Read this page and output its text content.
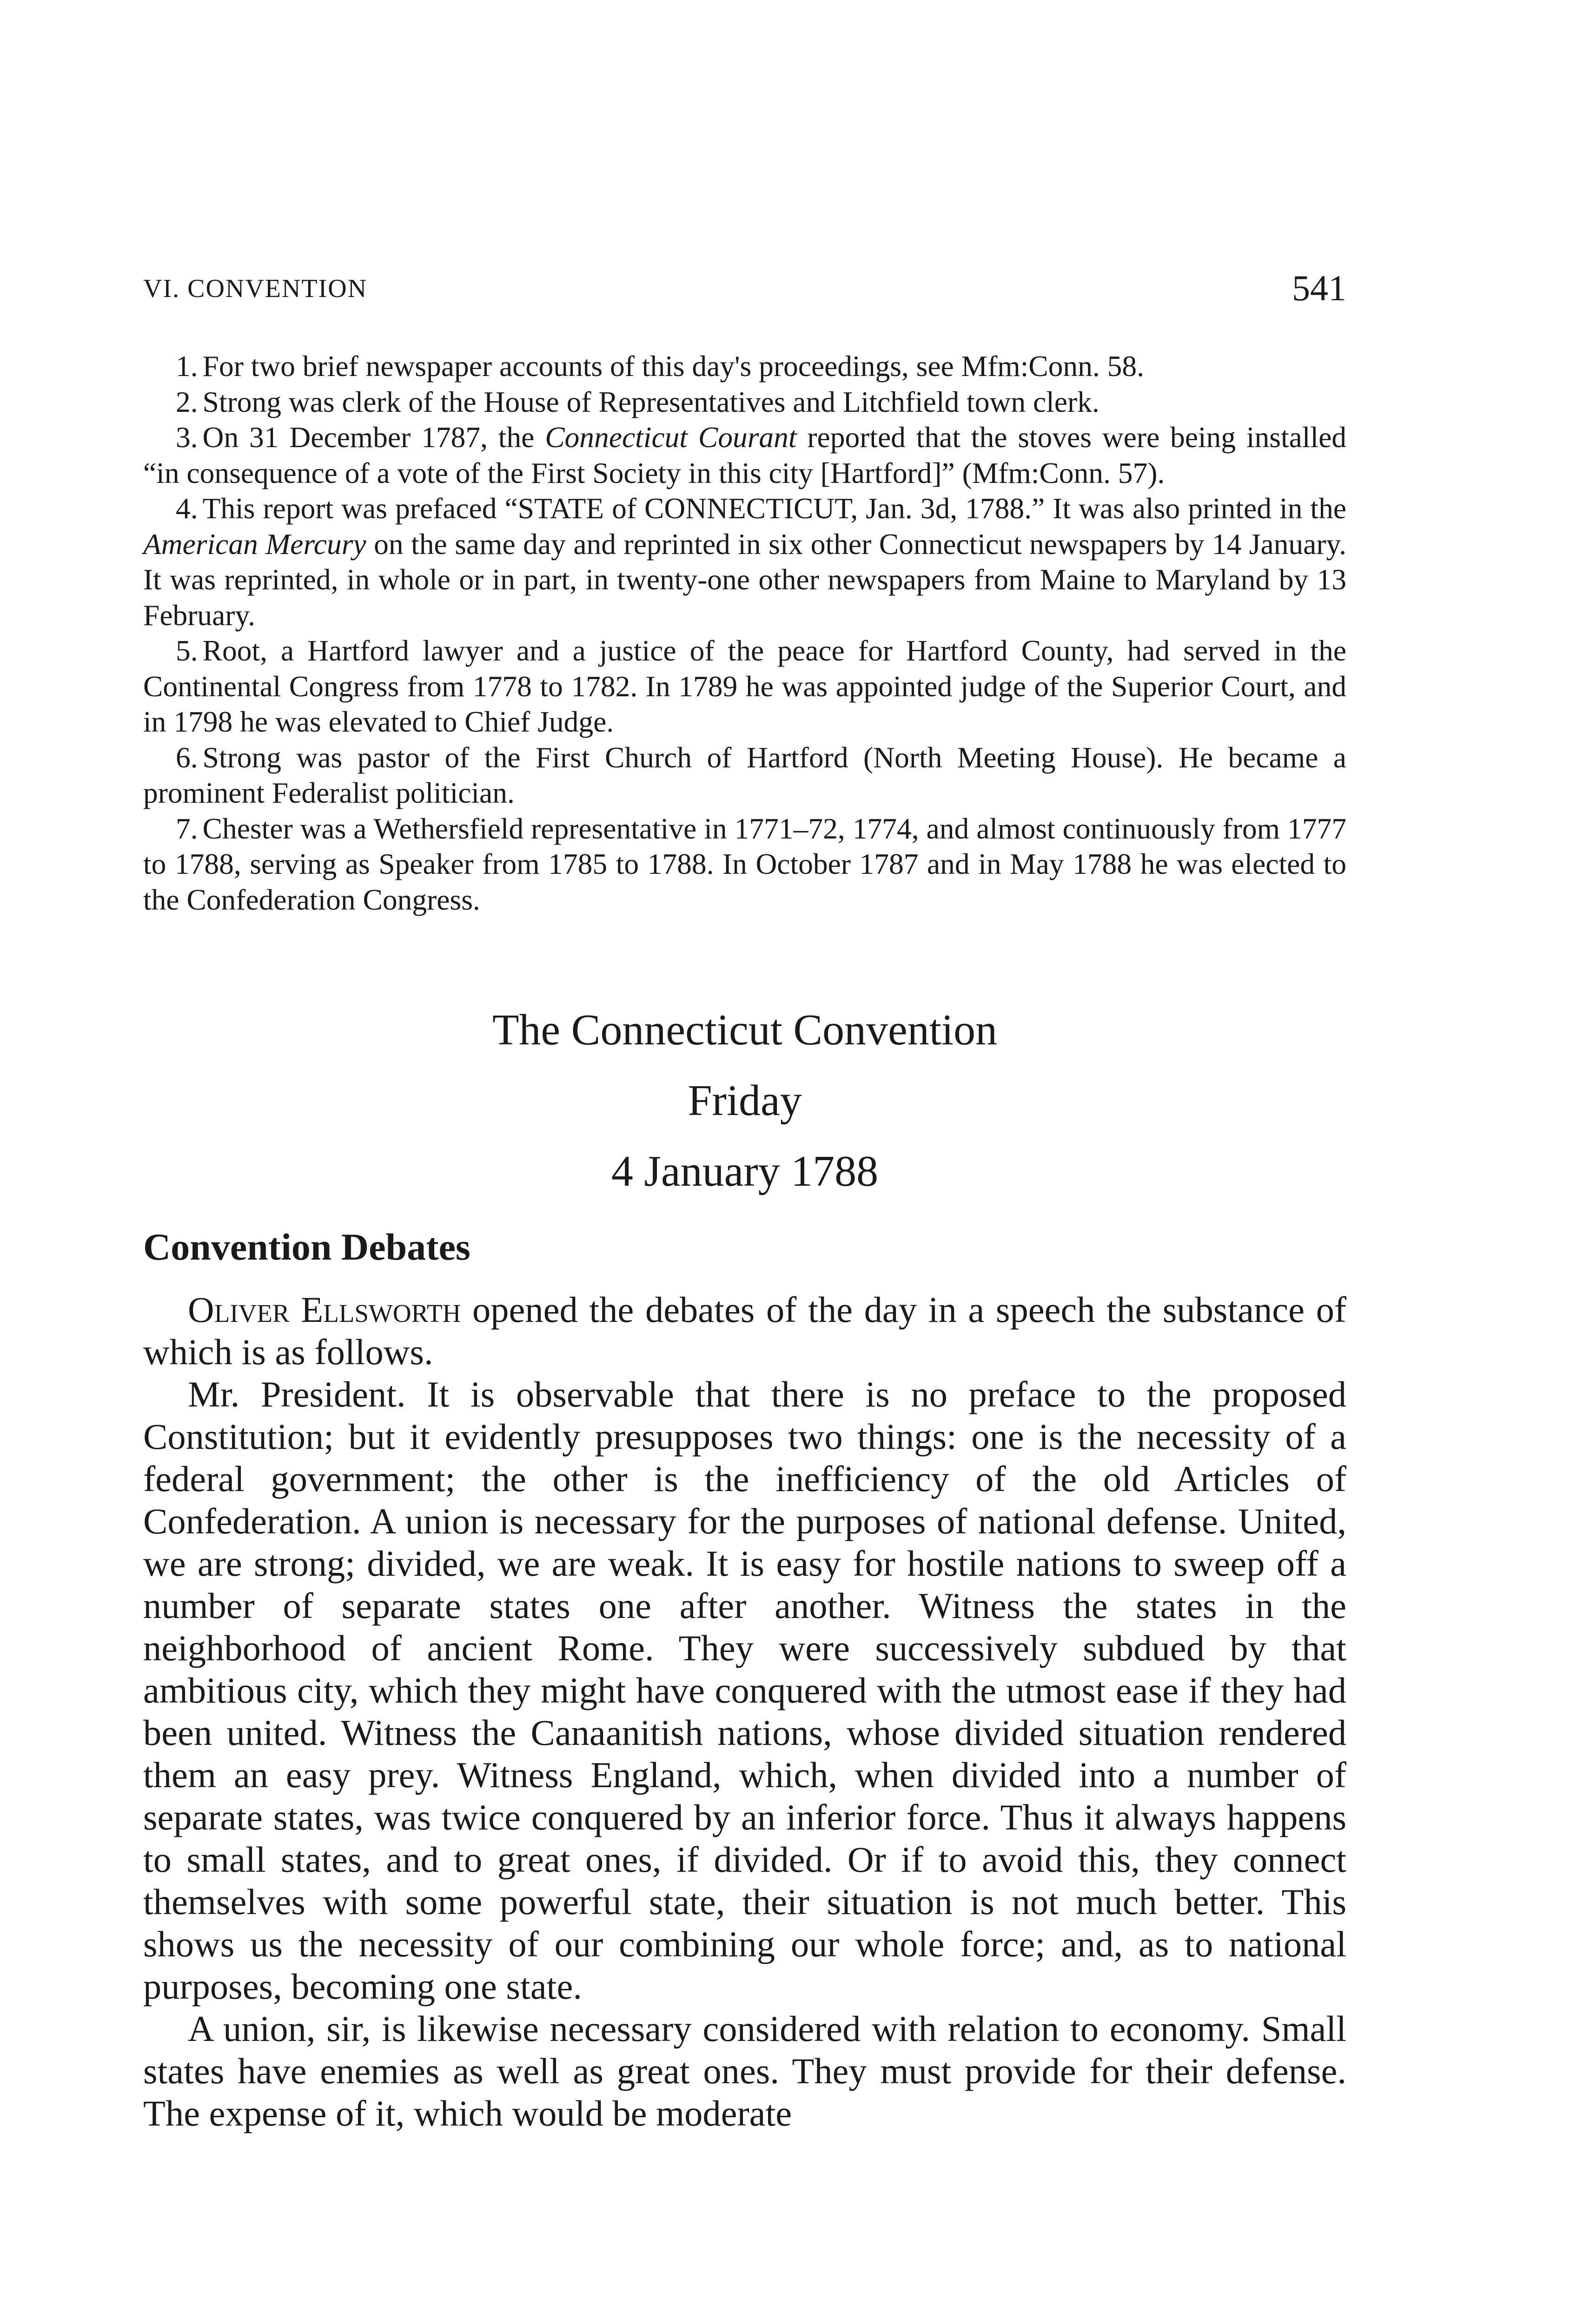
VI. CONVENTION	541

1. For two brief newspaper accounts of this day's proceedings, see Mfm:Conn. 58.

2. Strong was clerk of the House of Representatives and Litchfield town clerk.

3. On 31 December 1787, the Connecticut Courant reported that the stoves were being installed “in consequence of a vote of the First Society in this city [Hartford]” (Mfm:Conn. 57).

4. This report was prefaced “STATE of CONNECTICUT, Jan. 3d, 1788.” It was also printed in the American Mercury on the same day and reprinted in six other Connecticut newspapers by 14 January. It was reprinted, in whole or in part, in twenty-one other newspapers from Maine to Maryland by 13 February.

5. Root, a Hartford lawyer and a justice of the peace for Hartford County, had served in the Continental Congress from 1778 to 1782. In 1789 he was appointed judge of the Superior Court, and in 1798 he was elevated to Chief Judge.

6. Strong was pastor of the First Church of Hartford (North Meeting House). He became a prominent Federalist politician.

7. Chester was a Wethersfield representative in 1771–72, 1774, and almost continuously from 1777 to 1788, serving as Speaker from 1785 to 1788. In October 1787 and in May 1788 he was elected to the Confederation Congress.

The Connecticut Convention

Friday

4 January 1788

Convention Debates

Oliver Ellsworth opened the debates of the day in a speech the substance of which is as follows.

Mr. President. It is observable that there is no preface to the proposed Constitution; but it evidently presupposes two things: one is the necessity of a federal government; the other is the inefficiency of the old Articles of Confederation. A union is necessary for the purposes of national defense. United, we are strong; divided, we are weak. It is easy for hostile nations to sweep off a number of separate states one after another. Witness the states in the neighborhood of ancient Rome. They were successively subdued by that ambitious city, which they might have conquered with the utmost ease if they had been united. Witness the Canaanitish nations, whose divided situation rendered them an easy prey. Witness England, which, when divided into a number of separate states, was twice conquered by an inferior force. Thus it always happens to small states, and to great ones, if divided. Or if to avoid this, they connect themselves with some powerful state, their situation is not much better. This shows us the necessity of our combining our whole force; and, as to national purposes, becoming one state.

A union, sir, is likewise necessary considered with relation to economy. Small states have enemies as well as great ones. They must provide for their defense. The expense of it, which would be moderate
